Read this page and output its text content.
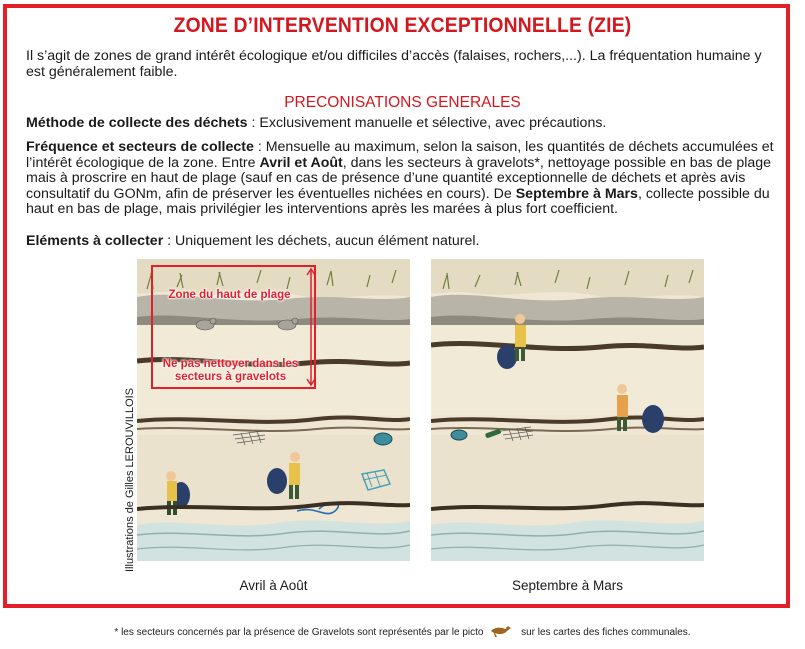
ZONE D’INTERVENTION EXCEPTIONNELLE (ZIE)
Il s’agit de zones de grand intérêt écologique et/ou difficiles d’accès (falaises, rochers,...). La fréquentation humaine y est généralement faible.
PRECONISATIONS GENERALES
Méthode de collecte des déchets : Exclusivement manuelle et sélective, avec précautions.
Fréquence et secteurs de collecte : Mensuelle au maximum, selon la saison, les quantités de déchets accumulées et l’intérêt écologique de la zone. Entre Avril et Août, dans les secteurs à gravelots*, nettoyage possible en bas de plage mais à proscrire en haut de plage (sauf en cas de présence d’une quantité exceptionnelle de déchets et après avis consultatif du GONm, afin de préserver les éventuelles nichées en cours). De Septembre à Mars, collecte possible du haut en bas de plage, mais privilégier les interventions après les marées à plus fort coefficient.
Eléments à collecter : Uniquement les déchets, aucun élément naturel.
Zone du haut de plage
Ne pas nettoyer dans les secteurs à gravelots
Illustrations de Gilles LEROUVILLOIS
Avril à Août	Septembre à Mars
* les secteurs concernés par la présence de Gravelots sont représentés par le picto	sur les cartes des fiches communales.
